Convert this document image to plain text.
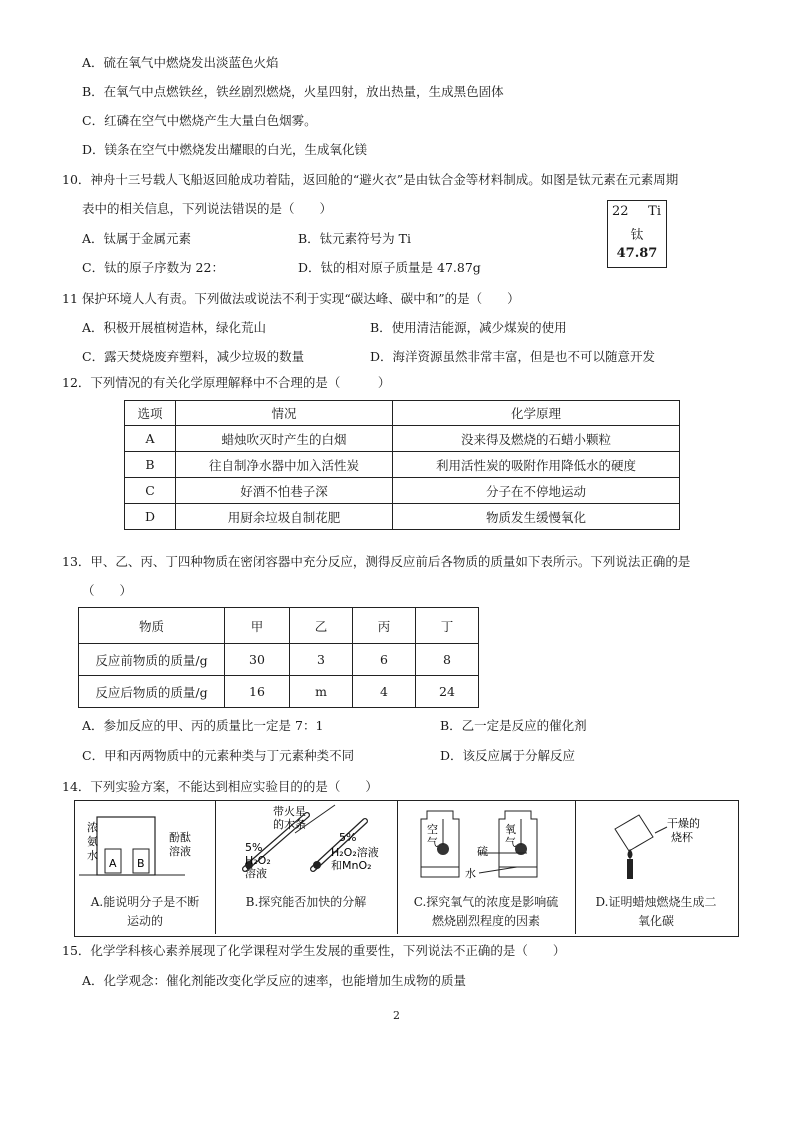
A．硫在氧气中燃烧发出淡蓝色火焰
B．在氧气中点燃铁丝，铁丝剧烈燃烧，火星四射，放出热量，生成黑色固体
C．红磷在空气中燃烧产生大量白色烟雾。
D．镁条在空气中燃烧发出耀眼的白光，生成氧化镁
10．神舟十三号载人飞船返回舱成功着陆，返回舱的“避火衣”是由钛合金等材料制成。如图是钛元素在元素周期
表中的相关信息，下列说法错误的是（　　）
A．钛属于金属元素	B．钛元素符号为 Ti
C．钛的原子序数为 22：	D．钛的相对原子质量是 47.87g
22 Ti
钛
47.87
11 保护环境人人有责。下列做法或说法不利于实现“碳达峰、碳中和”的是（　　）
A．积极开展植树造林，绿化荒山	B．使用清洁能源，减少煤炭的使用
C．露天焚烧废弃塑料，减少垃圾的数量	D．海洋资源虽然非常丰富，但是也不可以随意开发
12．下列情况的有关化学原理解释中不合理的是（　　　）
选项	情况	化学原理
A	蜡烛吹灭时产生的白烟	没来得及燃烧的石蜡小颗粒
B	往自制净水器中加入活性炭	利用活性炭的吸附作用降低水的硬度
C	好酒不怕巷子深	分子在不停地运动
D	用厨余垃圾自制花肥	物质发生缓慢氧化
13．甲、乙、丙、丁四种物质在密闭容器中充分反应，测得反应前后各物质的质量如下表所示。下列说法正确的是
（　　）
物质	甲	乙	丙	丁
反应前物质的质量/g	30	3	6	8
反应后物质的质量/g	16	m	4	24
A．参加反应的甲、丙的质量比一定是 7：1	B．乙一定是反应的催化剂
C．甲和丙两物质中的元素种类与丁元素种类不同	D．该反应属于分解反应
14．下列实验方案，不能达到相应实验目的的是（　　）
浓
氨
水
A B
酚酞
溶液
A.能说明分子是不断
运动的
带火星
的木条
5%
5%
H₂O₂
溶液
H₂O₂溶液
和MnO₂
B.探究能否加快的分解
空
气
氧
气
硫
水
C.探究氧气的浓度是影响硫
燃烧剧烈程度的因素
干燥的
烧杯
D.证明蜡烛燃烧生成二
氧化碳
15．化学学科核心素养展现了化学课程对学生发展的重要性，下列说法不正确的是（　　）
A．化学观念：催化剂能改变化学反应的速率，也能增加生成物的质量
2
